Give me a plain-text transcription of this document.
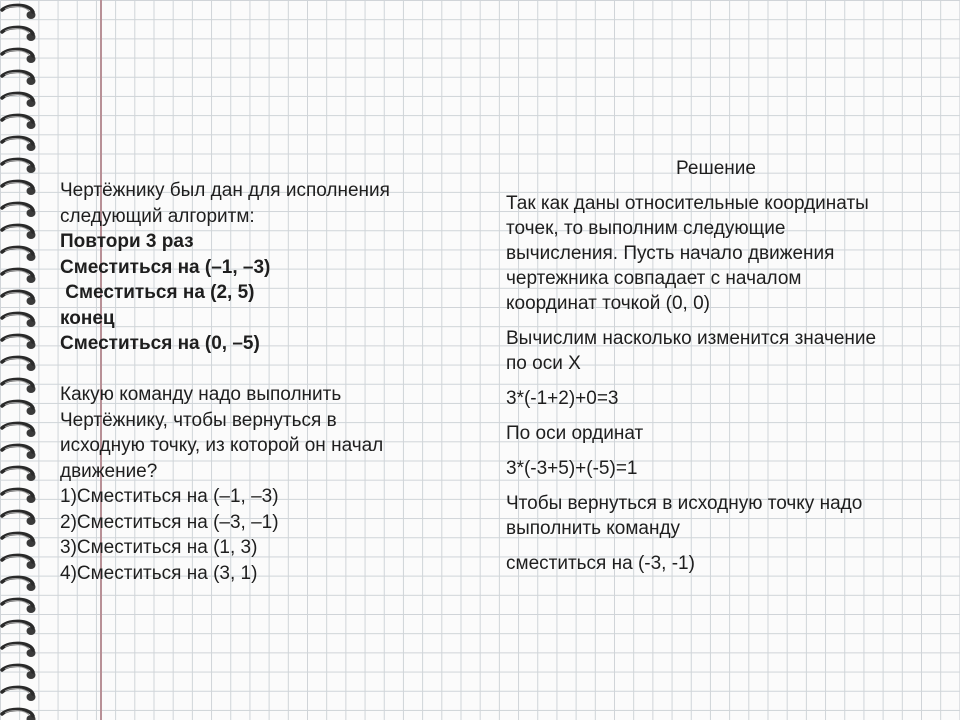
Чертёжнику был дан для исполнения
следующий алгоритм:
Повтори 3 раз
Сместиться на (–1, –3)
Сместиться на (2, 5)
конец
Сместиться на (0, –5)
Какую команду надо выполнить
Чертёжнику, чтобы вернуться в
исходную точку, из которой он начал
движение?
1)Сместиться на (–1, –3)
2)Сместиться на (–3, –1)
3)Сместиться на (1, 3)
4)Сместиться на (3, 1)
Решение

Так как даны относительные координаты
точек, то выполним следующие
вычисления. Пусть начало движения
чертежника совпадает с началом
координат точкой (0, 0)

Вычислим насколько изменится значение
по оси Х

3*(-1+2)+0=3

По оси ординат

3*(-3+5)+(-5)=1

Чтобы вернуться в исходную точку надо
выполнить команду

сместиться на (-3, -1)
